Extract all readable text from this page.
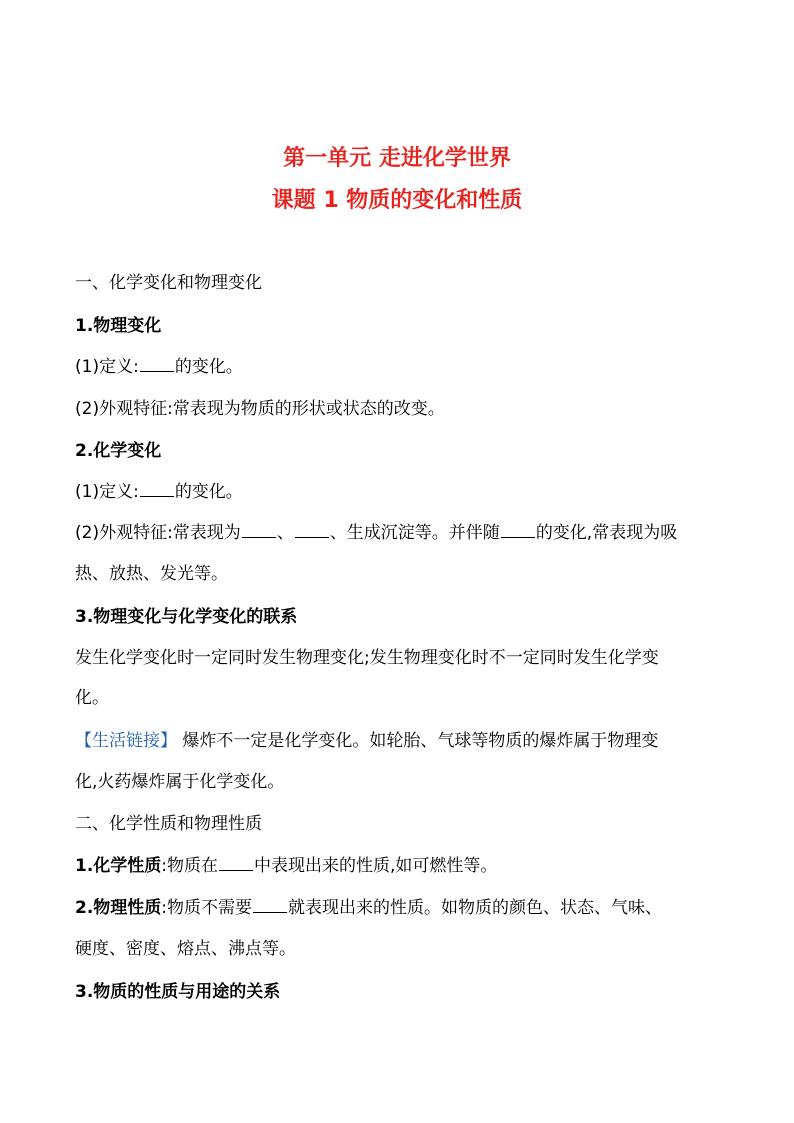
第一单元 走进化学世界
课题 1 物质的变化和性质
一、化学变化和物理变化
1.物理变化
(1)定义: 的变化。
(2)外观特征:常表现为物质的形状或状态的改变。
2.化学变化
(1)定义: 的变化。
(2)外观特征:常表现为 、 、生成沉淀等。并伴随 的变化,常表现为吸
热、放热、发光等。
3.物理变化与化学变化的联系
发生化学变化时一定同时发生物理变化;发生物理变化时不一定同时发生化学变
化。
【生活链接】 爆炸不一定是化学变化。如轮胎、气球等物质的爆炸属于物理变
化,火药爆炸属于化学变化。
二、化学性质和物理性质
1.化学性质:物质在 中表现出来的性质,如可燃性等。
2.物理性质:物质不需要 就表现出来的性质。如物质的颜色、状态、气味、
硬度、密度、熔点、沸点等。
3.物质的性质与用途的关系
